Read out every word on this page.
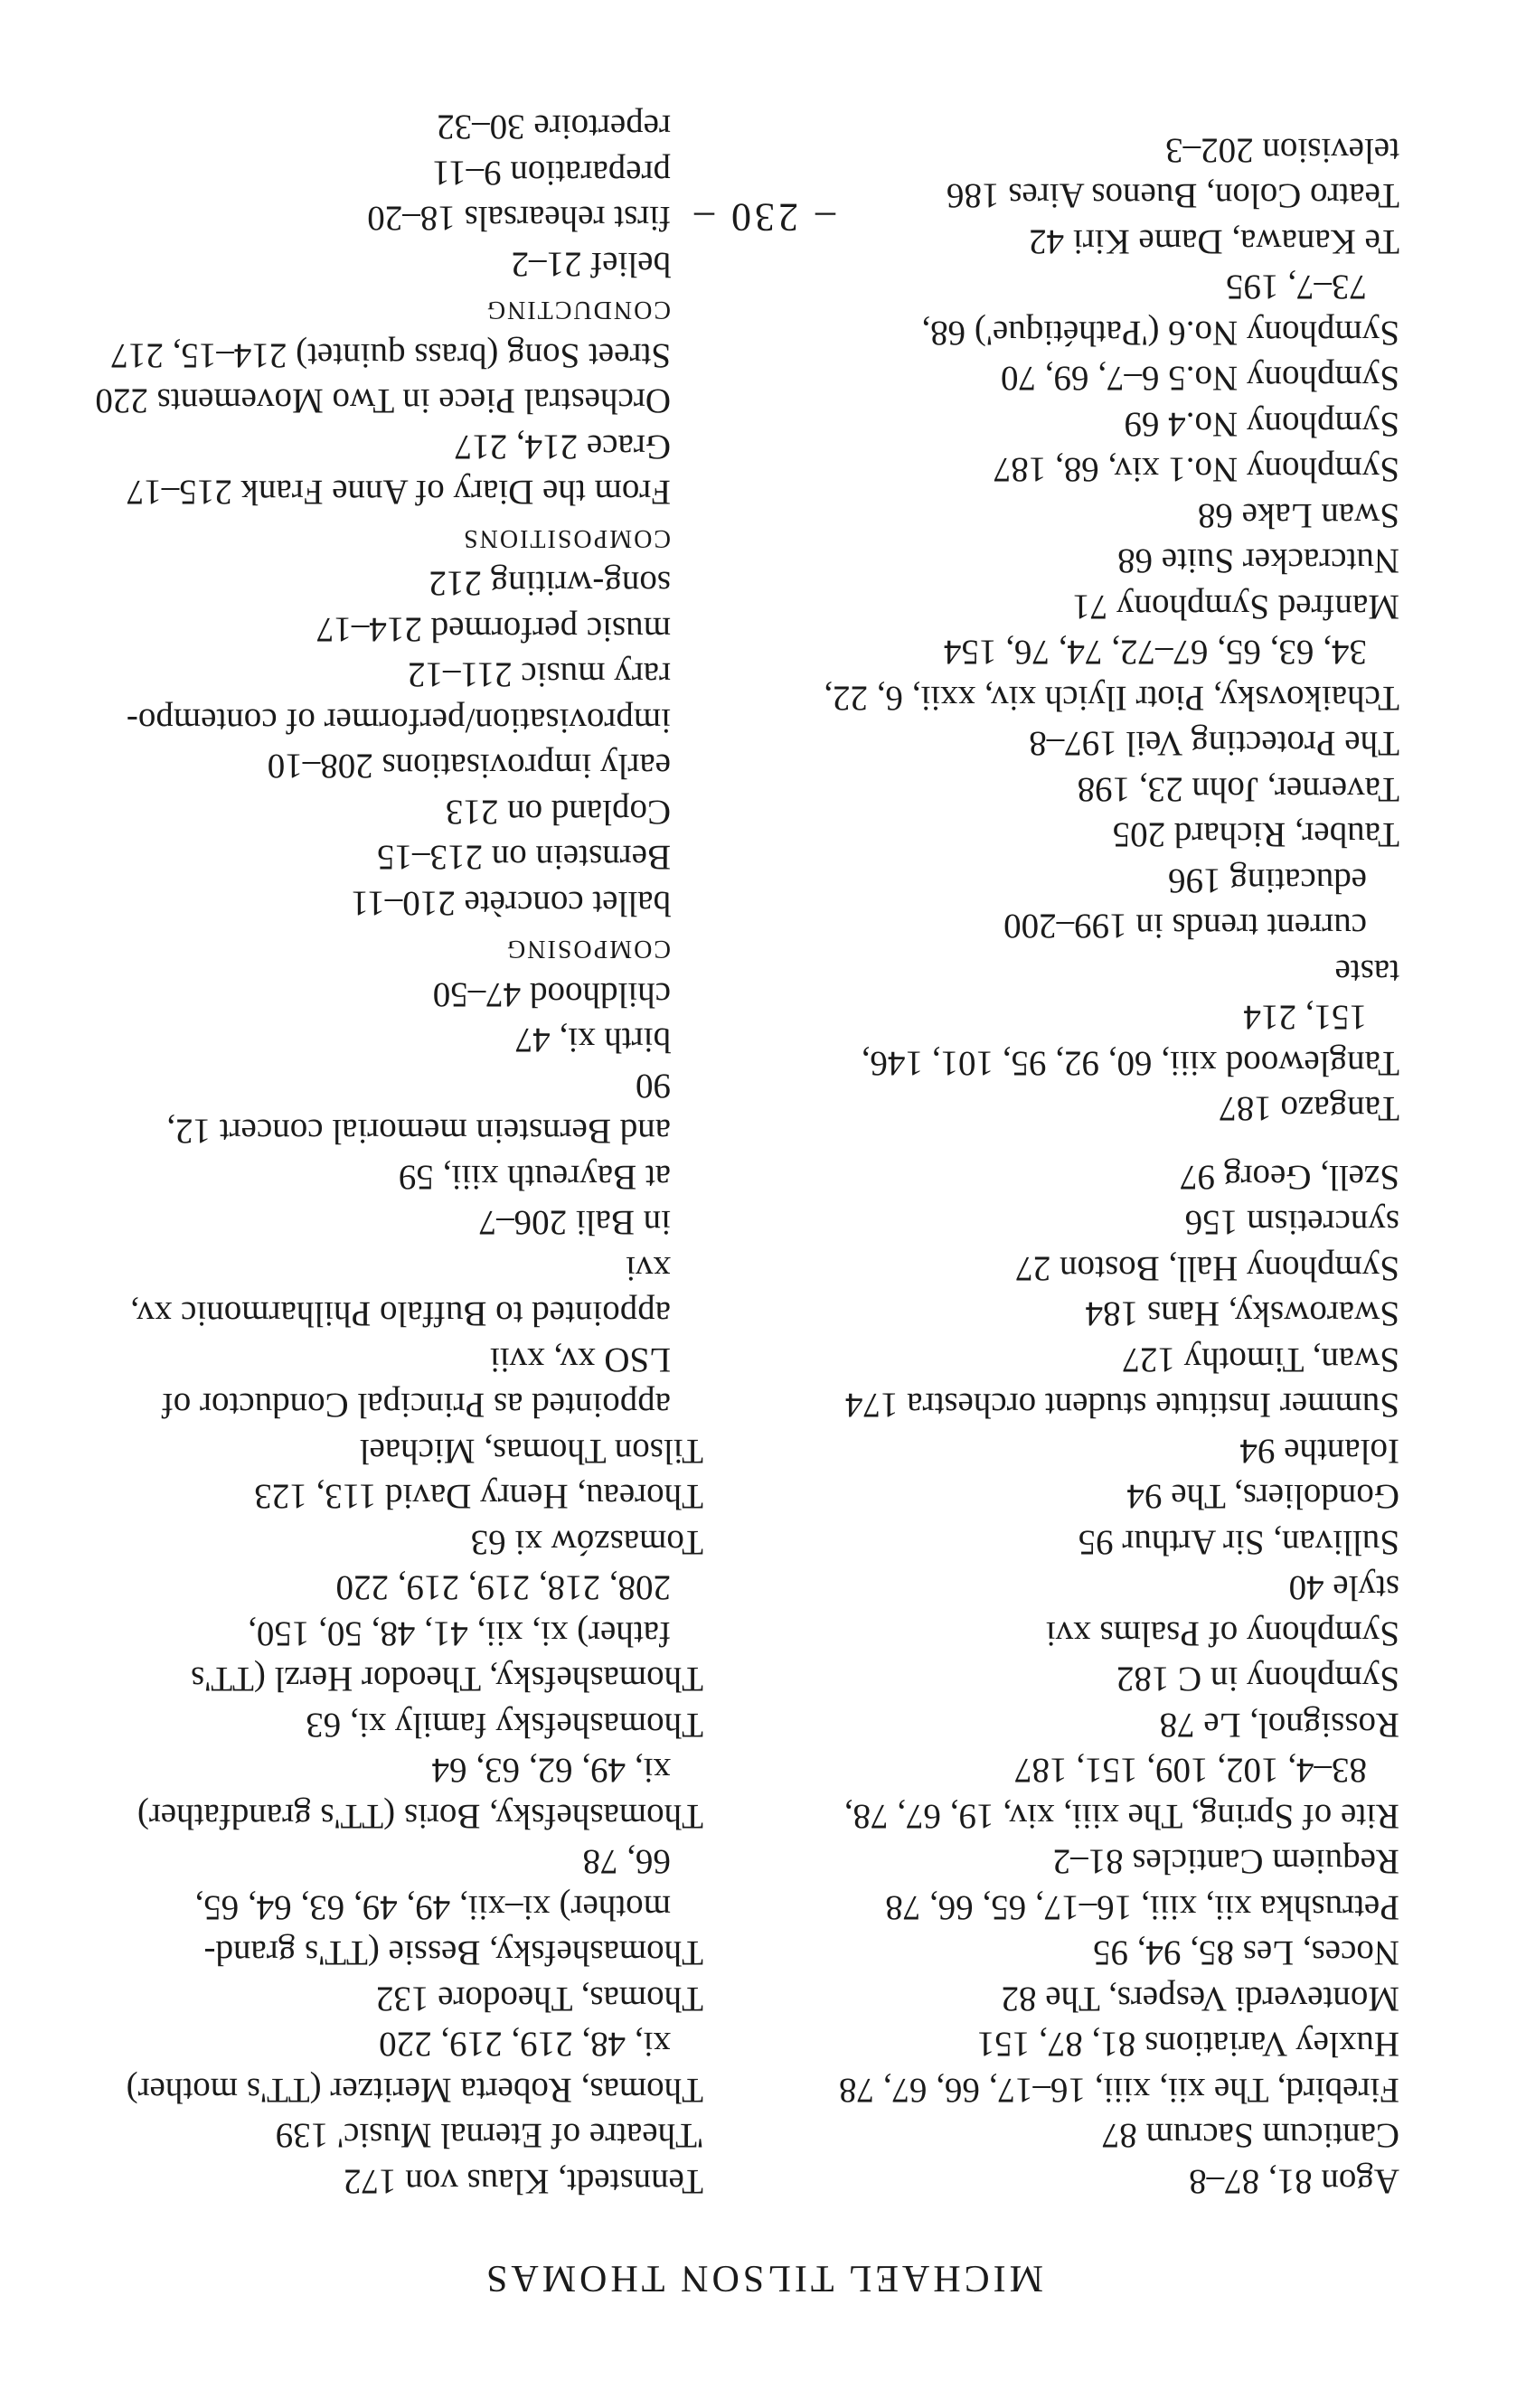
MICHAEL TILSON THOMAS
Agon 81, 87–8
Canticum Sacrum 87
Firebird, The xii, xiii, 16–17, 66, 67, 78
Huxley Variations 81, 87, 151
Monteverdi Vespers, The 82
Noces, Les 85, 94, 95
Petrushka xii, xiii, 16–17, 65, 66, 78
Requiem Canticles 81–2
Rite of Spring, The xiii, xiv, 19, 67, 78,
83–4, 102, 109, 151, 187
Rossignol, Le 78
Symphony in C 182
Symphony of Psalms xvi
style 40
Sullivan, Sir Arthur 95
Gondoliers, The 94
Iolanthe 94
Summer Institute student orchestra 174
Swan, Timothy 127
Swarowsky, Hans 184
Symphony Hall, Boston 27
syncretism 156
Szell, Georg 97
Tangazo 187
Tanglewood xiii, 60, 92, 95, 101, 146,
151, 214
taste
current trends in 199–200
educating 196
Tauber, Richard 205
Taverner, John 23, 198
The Protecting Veil 197–8
Tchaikovsky, Piotr Ilyich xiv, xxii, 6, 22,
34, 63, 65, 67–72, 74, 76, 154
Manfred Symphony 71
Nutcracker Suite 68
Swan Lake 68
Symphony No.1 xiv, 68, 187
Symphony No.4 69
Symphony No.5 6–7, 69, 70
Symphony No.6 ('Pathétique') 68,
73–7, 195
Te Kanawa, Dame Kiri 42
Teatro Colon, Buenos Aires 186
television 202–3
Tennstedt, Klaus von 172
'Theatre of Eternal Music' 139
Thomas, Roberta Meritzer (TT's mother)
xi, 48, 219, 219, 220
Thomas, Theodore 132
Thomashefsky, Bessie (TT's grand-
mother) xi–xii, 49, 49, 63, 64, 65,
66, 78
Thomashefsky, Boris (TT's grandfather)
xi, 49, 62, 63, 64
Thomashefsky family xi, 63
Thomashefsky, Theodor Herzl (TT's
father) xi, xii, 41, 48, 50, 150,
208, 218, 219, 219, 220
Tomaszów xi 63
Thoreau, Henry David 113, 123
Tilson Thomas, Michael
appointed as Principal Conductor of
LSO xv, xvii
appointed to Buffalo Philharmonic xv,
xvi
in Bali 206–7
at Bayreuth xiii, 59
and Bernstein memorial concert 12,
90
birth xi, 47
childhood 47–50
COMPOSING
ballet concrète 210–11
Bernstein on 213–15
Copland on 213
early improvisations 208–10
improvisation/performer of contempo-
rary music 211–12
music performed 214–17
song-writing 212
COMPOSITIONS
From the Diary of Anne Frank 215–17
Grace 214, 217
Orchestral Piece in Two Movements 220
Street Song (brass quintet) 214–15, 217
CONDUCTING
belief 21–2
first rehearsals 18–20
preparation 9–11
repertoire 30–32
– 230 –
